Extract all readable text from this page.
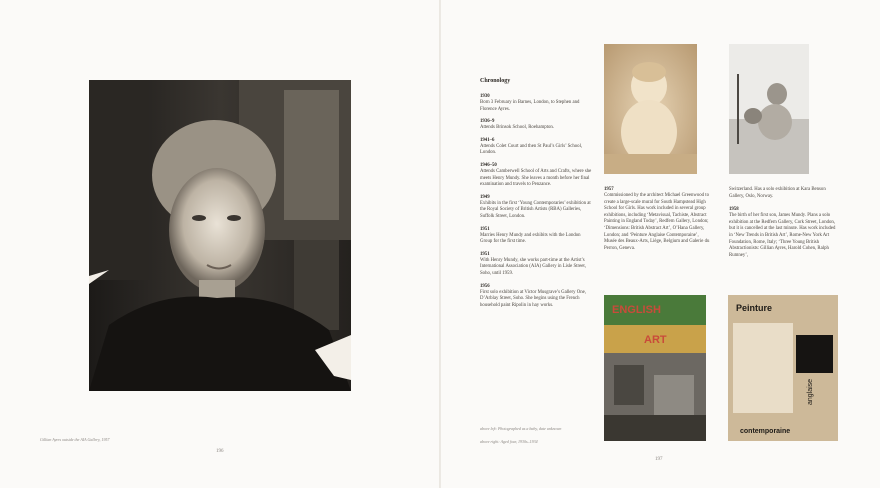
Gillian Ayres outside the AIA Gallery, 1957
196
Chronology
1930
Born 3 February in Barnes, London, to Stephen and Florence Ayres.
1936–9
Attends Brinsok School, Roehampton.
1941–6
Attends Colet Court and then St Paul’s Girls’ School, London.
1946–50
Attends Camberwell School of Arts and Crafts, where she meets Henry Mundy. She leaves a month before her final examination and travels to Penzance.
1949
Exhibits in the first ‘Young Contemporaries’ exhibition at the Royal Society of British Artists (RBA) Galleries, Suffolk Street, London.
1951
Marries Henry Mundy and exhibits with the London Group for the first time.
1951
With Henry Mundy, she works part-time at the Artist’s International Association (AIA) Gallery in Lisle Street, Soho, until 1959.
1956
First solo exhibition at Victor Musgrave’s Gallery One, D’Arblay Street, Soho. She begins using the French household paint Ripolin in hay works.
1957
Commissioned by the architect Michael Greenwood to create a large-scale mural for South Hampstead High School for Girls. Has work included in several group exhibitions, including ‘Metavisual, Tachiste, Abstract Painting in England Today’, Redfern Gallery, London; ‘Dimensions: British Abstract Art’, O’Hana Gallery, London; and ‘Peinture Anglaise Contemporaine’, Musée des Beaux-Arts, Liège, Belgium and Galerie du Perron, Geneva.
Switzerland. Has a solo exhibition at Kara Benson Gallery, Oslo, Norway.
1958
The birth of her first son, James Mundy. Plans a solo exhibition at the Redfern Gallery, Cork Street, London, but it is cancelled at the last minute. Has work included in ‘New Trends in British Art’, Rome-New York Art Foundation, Rome, Italy; ‘Three Young British Abstractionists: Gillian Ayres, Harold Cohen, Ralph Rumney’,
ENGLISH
ART
Peinture
anglaise
contemporaine
above left: Photographed as a baby, date unknown
above right: Aged four, 1930s–1934
197
